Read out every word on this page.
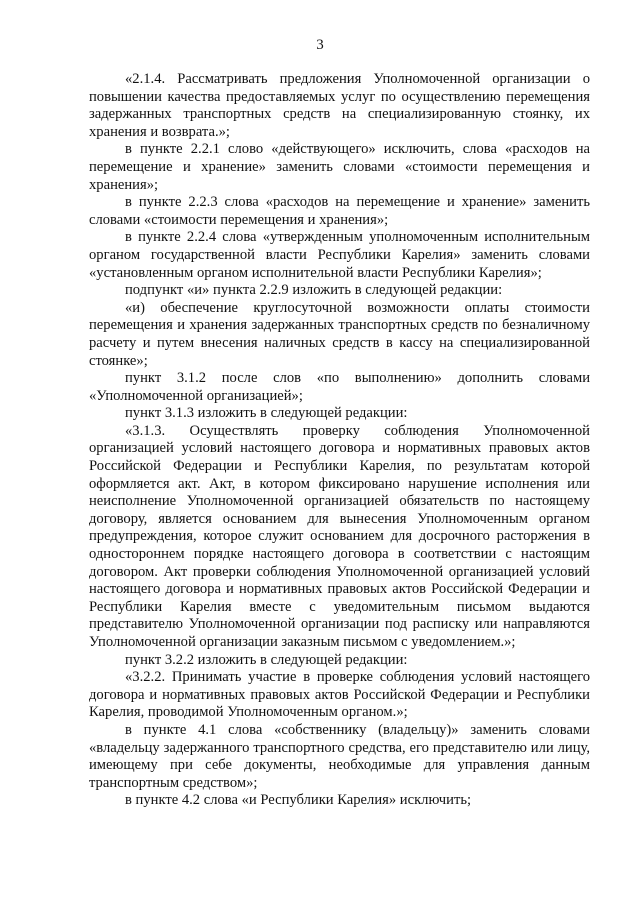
3

«2.1.4. Рассматривать предложения Уполномоченной организации о повышении качества предоставляемых услуг по осуществлению перемещения задержанных транспортных средств на специализированную стоянку, их хранения и возврата.»;

в пункте 2.2.1 слово «действующего» исключить, слова «расходов на перемещение и хранение» заменить словами «стоимости перемещения и хранения»;

в пункте 2.2.3 слова «расходов на перемещение и хранение» заменить словами «стоимости перемещения и хранения»;

в пункте 2.2.4 слова «утвержденным уполномоченным исполнительным органом государственной власти Республики Карелия» заменить словами «установленным органом исполнительной власти Республики Карелия»;

подпункт «и» пункта 2.2.9 изложить в следующей редакции:

«и) обеспечение круглосуточной возможности оплаты стоимости перемещения и хранения задержанных транспортных средств по безналичному расчету и путем внесения наличных средств в кассу на специализированной стоянке»;

пункт 3.1.2 после слов «по выполнению» дополнить словами «Уполномоченной организацией»;

пункт 3.1.3 изложить в следующей редакции:

«3.1.3. Осуществлять проверку соблюдения Уполномоченной организацией условий настоящего договора и нормативных правовых актов Российской Федерации и Республики Карелия, по результатам которой оформляется акт. Акт, в котором фиксировано нарушение исполнения или неисполнение Уполномоченной организацией обязательств по настоящему договору, является основанием для вынесения Уполномоченным органом предупреждения, которое служит основанием для досрочного расторжения в одностороннем порядке настоящего договора в соответствии с настоящим договором. Акт проверки соблюдения Уполномоченной организацией условий настоящего договора и нормативных правовых актов Российской Федерации и Республики Карелия вместе с уведомительным письмом выдаются представителю Уполномоченной организации под расписку или направляются Уполномоченной организации заказным письмом с уведомлением.»;

пункт 3.2.2 изложить в следующей редакции:

«3.2.2. Принимать участие в проверке соблюдения условий настоящего договора и нормативных правовых актов Российской Федерации и Республики Карелия, проводимой Уполномоченным органом.»;

в пункте 4.1 слова «собственнику (владельцу)» заменить словами «владельцу задержанного транспортного средства, его представителю или лицу, имеющему при себе документы, необходимые для управления данным транспортным средством»;

в пункте 4.2 слова «и Республики Карелия» исключить;
